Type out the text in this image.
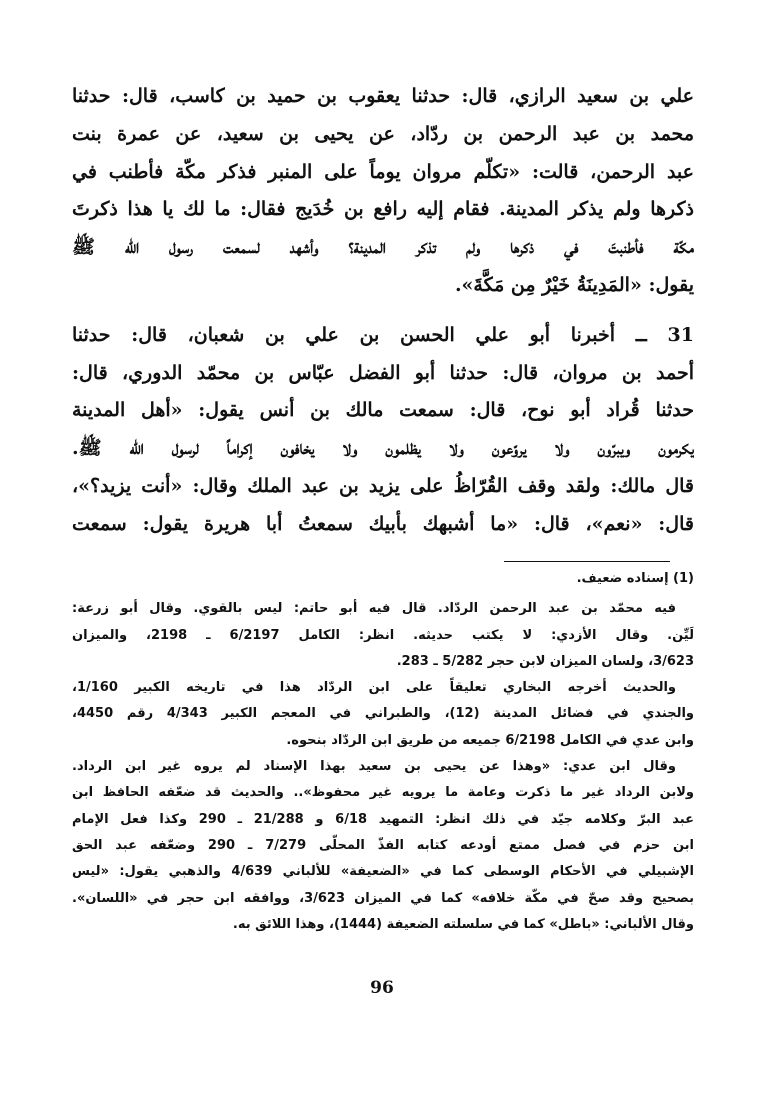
علي بن سعيد الرازي، قال: حدثنا يعقوب بن حميد بن كاسب، قال: حدثنا
محمد بن عبد الرحمن بن ردّاد، عن يحيى بن سعيد، عن عمرة بنت
عبد الرحمن، قالت: «تكلّم مروان يوماً على المنبر فذكر مكّة فأطنب في
ذكرها ولم يذكر المدينة. فقام إليه رافع بن خُدَيج فقال: ما لك يا هذا ذكرتَ
مكّة فأطنبتَ في ذكرها ولم تذكر المدينة؟ وأشهد لسمعت رسول الله ﷺ
يقول: «المَدِينَةُ خَيْرٌ مِن مَكَّةَ».
31 ــ أخبرنا أبو علي الحسن بن علي بن شعبان، قال: حدثنا
أحمد بن مروان، قال: حدثنا أبو الفضل عبّاس بن محمّد الدوري، قال:
حدثنا قُراد أبو نوح، قال: سمعت مالك بن أنس يقول: «أهل المدينة
يكرمون ويبرّون ولا يروّعون ولا يظلمون ولا يخافون إكراماً لرسول الله ﷺ.
قال مالك: ولقد وقف القُرّاظُ على يزيد بن عبد الملك وقال: «أنت يزيد؟»،
قال: «نعم»، قال: «ما أشبهك بأبيك سمعتُ أبا هريرة يقول: سمعت
(1) إسناده ضعيف.
فيه محمّد بن عبد الرحمن الردّاد. قال فيه أبو حاتم: ليس بالقوي. وقال أبو زرعة:
لَيِّن. وقال الأزدي: لا يكتب حديثه. انظر: الكامل 6/2197 ـ 2198، والميزان
3/623، ولسان الميزان لابن حجر 5/282 ـ 283.
والحديث أخرجه البخاري تعليقاً على ابن الردّاد هذا في تاريخه الكبير 1/160،
والجندي في فضائل المدينة (12)، والطبراني في المعجم الكبير 4/343 رقم 4450،
وابن عدي في الكامل 6/2198 جميعه من طريق ابن الردّاد بنحوه.
وقال ابن عدي: «وهذا عن يحيى بن سعيد بهذا الإسناد لم يروه غير ابن الرداد.
ولابن الرداد غير ما ذكرت وعامة ما يرويه غير محفوظ».. والحديث قد ضعّفه الحافظ ابن
عبد البرّ وكلامه جيّد في ذلك انظر: التمهيد 6/18 و 21/288 ـ 290 وكذا فعل الإمام
ابن حزم في فصل ممتع أودعه كتابه الفذّ المحلّى 7/279 ـ 290 وضعّفه عبد الحق
الإشبيلي في الأحكام الوسطى كما في «الضعيفة» للألباني 4/639 والذهبي يقول: «ليس
بصحيح وقد صحّ في مكّة خلافه» كما في الميزان 3/623، ووافقه ابن حجر في «اللسان».
وقال الألباني: «باطل» كما في سلسلته الضعيفة (1444)، وهذا اللائق به.
96
